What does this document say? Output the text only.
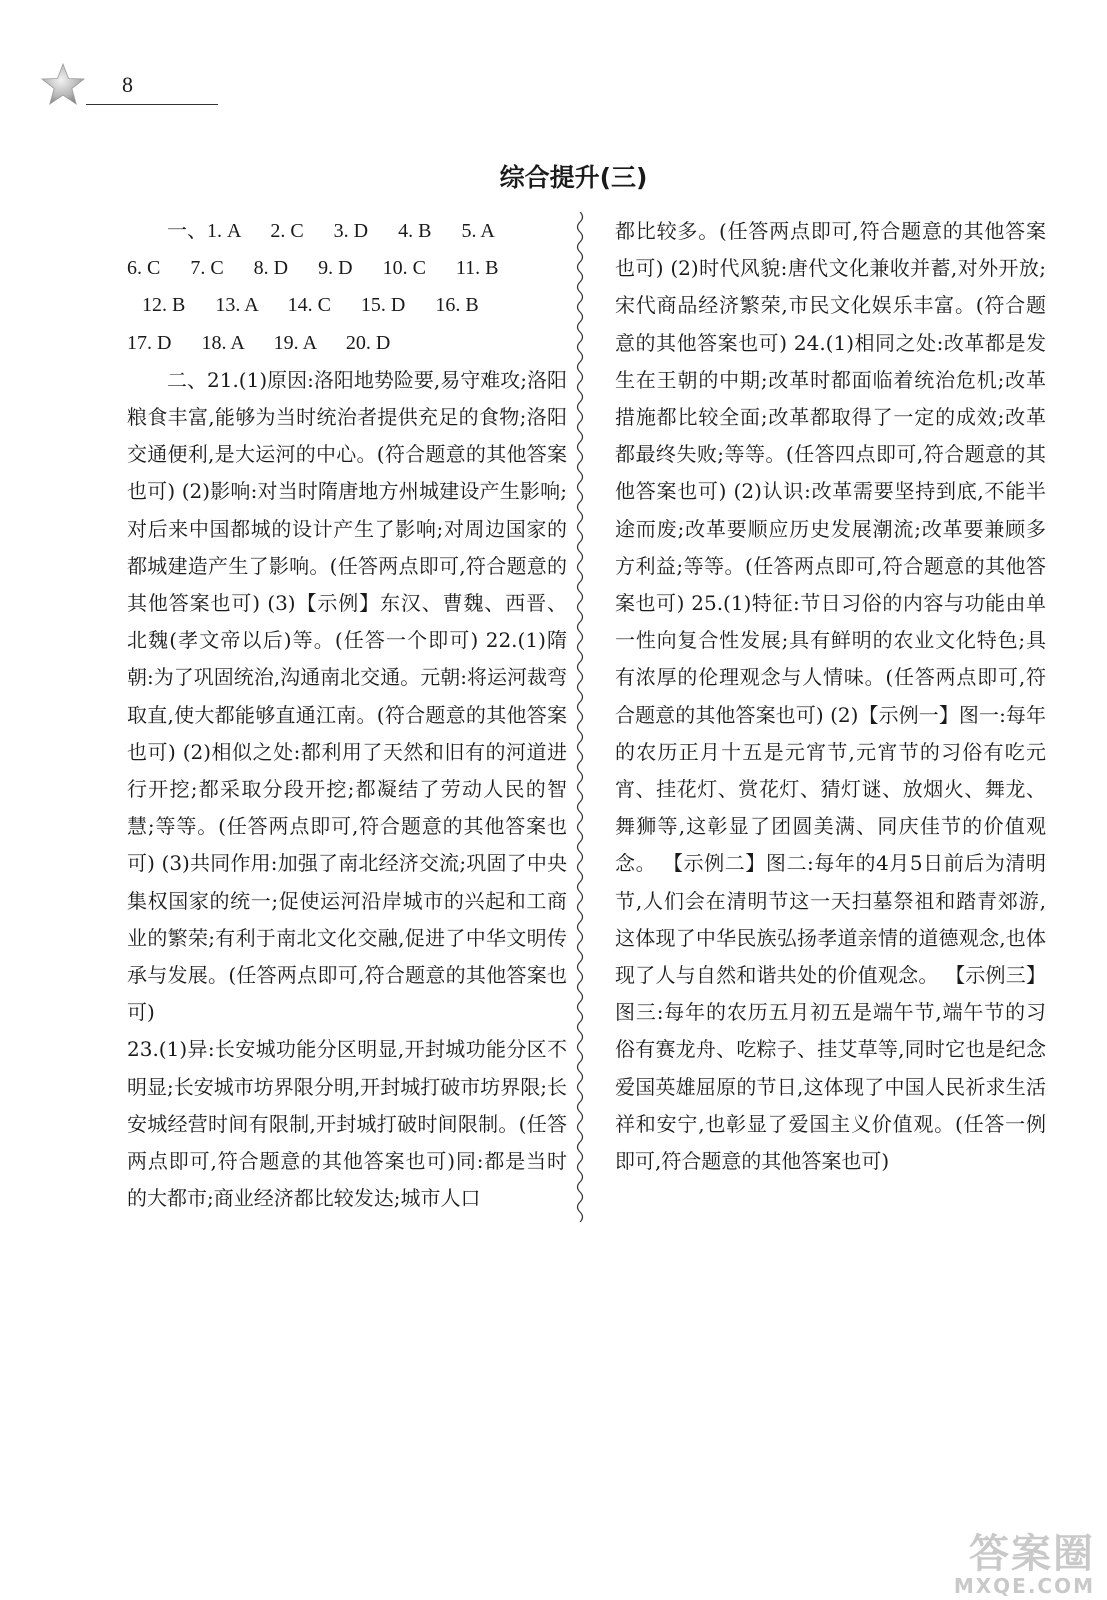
8
综合提升(三)

一、1. A      2. C      3. D      4. B      5. A

6. C      7. C      8. D      9. D      10. C      11. B

12. B      13. A      14. C      15. D      16. B

17. D      18. A      19. A      20. D

二、21.(1)原因:洛阳地势险要,易守难攻;洛阳粮食丰富,能够为当时统治者提供充足的食物;洛阳交通便利,是大运河的中心。(符合题意的其他答案也可) (2)影响:对当时隋唐地方州城建设产生影响;对后来中国都城的设计产生了影响;对周边国家的都城建造产生了影响。(任答两点即可,符合题意的其他答案也可) (3)【示例】东汉、曹魏、西晋、北魏(孝文帝以后)等。(任答一个即可) 22.(1)隋朝:为了巩固统治,沟通南北交通。元朝:将运河裁弯取直,使大都能够直通江南。(符合题意的其他答案也可) (2)相似之处:都利用了天然和旧有的河道进行开挖;都采取分段开挖;都凝结了劳动人民的智慧;等等。(任答两点即可,符合题意的其他答案也可) (3)共同作用:加强了南北经济交流;巩固了中央集权国家的统一;促使运河沿岸城市的兴起和工商业的繁荣;有利于南北文化交融,促进了中华文明传承与发展。(任答两点即可,符合题意的其他答案也可)

23.(1)异:长安城功能分区明显,开封城功能分区不明显;长安城市坊界限分明,开封城打破市坊界限;长安城经营时间有限制,开封城打破时间限制。(任答两点即可,符合题意的其他答案也可)同:都是当时的大都市;商业经济都比较发达;城市人口

都比较多。(任答两点即可,符合题意的其他答案也可) (2)时代风貌:唐代文化兼收并蓄,对外开放;宋代商品经济繁荣,市民文化娱乐丰富。(符合题意的其他答案也可) 24.(1)相同之处:改革都是发生在王朝的中期;改革时都面临着统治危机;改革措施都比较全面;改革都取得了一定的成效;改革都最终失败;等等。(任答四点即可,符合题意的其他答案也可) (2)认识:改革需要坚持到底,不能半途而废;改革要顺应历史发展潮流;改革要兼顾多方利益;等等。(任答两点即可,符合题意的其他答案也可) 25.(1)特征:节日习俗的内容与功能由单一性向复合性发展;具有鲜明的农业文化特色;具有浓厚的伦理观念与人情味。(任答两点即可,符合题意的其他答案也可) (2)【示例一】图一:每年的农历正月十五是元宵节,元宵节的习俗有吃元宵、挂花灯、赏花灯、猜灯谜、放烟火、舞龙、舞狮等,这彰显了团圆美满、同庆佳节的价值观念。 【示例二】图二:每年的4月5日前后为清明节,人们会在清明节这一天扫墓祭祖和踏青郊游,这体现了中华民族弘扬孝道亲情的道德观念,也体现了人与自然和谐共处的价值观念。 【示例三】图三:每年的农历五月初五是端午节,端午节的习俗有赛龙舟、吃粽子、挂艾草等,同时它也是纪念爱国英雄屈原的节日,这体现了中国人民祈求生活祥和安宁,也彰显了爱国主义价值观。(任答一例即可,符合题意的其他答案也可)

答案圈
MXQE.COM
